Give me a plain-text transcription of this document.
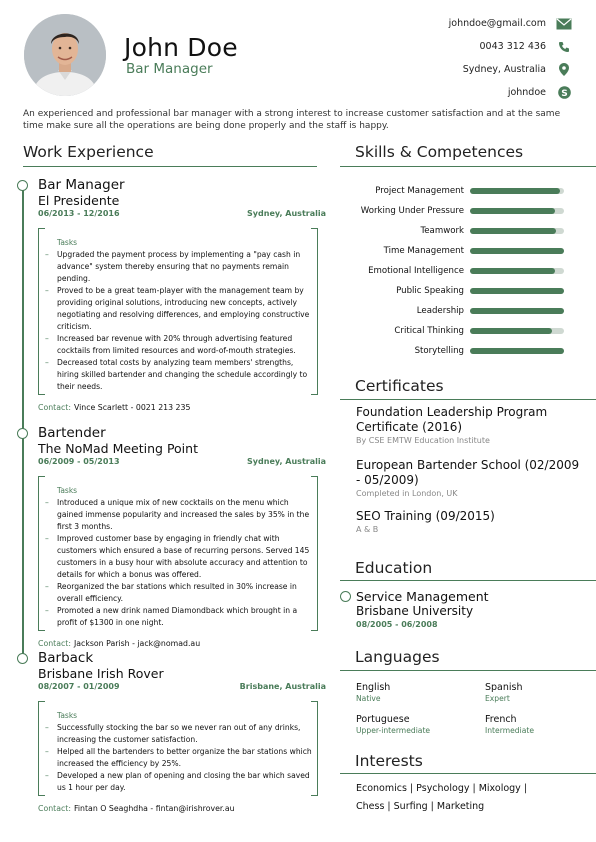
John Doe
Bar Manager
johndoe@gmail.com
0043 312 436
Sydney, Australia
johndoe S
An experienced and professional bar manager with a strong interest to increase customer satisfaction and at the same time make sure all the operations are being done properly and the staff is happy.
Work Experience
Bar Manager
El Presidente
06/2013 - 12/2016	Sydney, Australia
Tasks
– Upgraded the payment process by implementing a "pay cash in advance" system thereby ensuring that no payments remain pending.
– Proved to be a great team-player with the management team by providing original solutions, introducing new concepts, actively negotiating and resolving differences, and employing constructive criticism.
– Increased bar revenue with 20% through advertising featured cocktails from limited resources and word-of-mouth strategies.
– Decreased total costs by analyzing team members' strengths, hiring skilled bartender and changing the schedule accordingly to their needs.
Contact: Vince Scarlett - 0021 213 235
Bartender
The NoMad Meeting Point
06/2009 - 05/2013	Sydney, Australia
Tasks
– Introduced a unique mix of new cocktails on the menu which gained immense popularity and increased the sales by 35% in the first 3 months.
– Improved customer base by engaging in friendly chat with customers which ensured a base of recurring persons. Served 145 customers in a busy hour with absolute accuracy and attention to details for which a bonus was offered.
– Reorganized the bar stations which resulted in 30% increase in overall efficiency.
– Promoted a new drink named Diamondback which brought in a profit of $1300 in one night.
Contact: Jackson Parish - jack@nomad.au
Barback
Brisbane Irish Rover
08/2007 - 01/2009	Brisbane, Australia
Tasks
– Successfully stocking the bar so we never ran out of any drinks, increasing the customer satisfaction.
– Helped all the bartenders to better organize the bar stations which increased the efficiency by 25%.
– Developed a new plan of opening and closing the bar which saved us 1 hour per day.
Contact: Fintan O Seaghdha - fintan@irishrover.au
Skills & Competences
Project Management
Working Under Pressure
Teamwork
Time Management
Emotional Intelligence
Public Speaking
Leadership
Critical Thinking
Storytelling
Certificates
Foundation Leadership Program Certificate (2016)
By CSE EMTW Education Institute
European Bartender School (02/2009 - 05/2009)
Completed in London, UK
SEO Training (09/2015)
A & B
Education
Service Management
Brisbane University
08/2005 - 06/2008
Languages
English
Native
Spanish
Expert
Portuguese
Upper-intermediate
French
Intermediate
Interests
Economics | Psychology | Mixology | Chess | Surfing | Marketing
